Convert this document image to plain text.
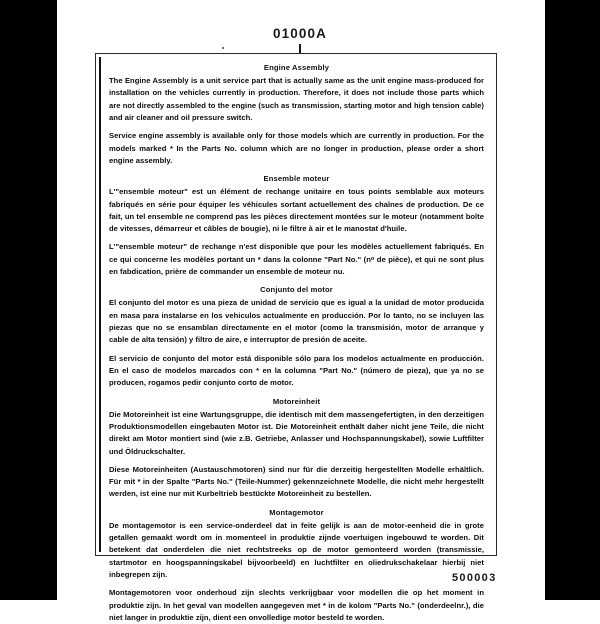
01000A
Engine Assembly

The Engine Assembly is a unit service part that is actually same as the unit engine mass-produced for installation on the vehicles currently in production. Therefore, it does not include those parts which are not directly assembled to the engine (such as transmission, starting motor and high tension cable) and air cleaner and oil pressure switch.

Service engine assembly is available only for those models which are currently in production. For the models marked * In the Parts No. column which are no longer in production, please order a short engine assembly.

Ensemble moteur

L'"ensemble moteur" est un élément de rechange unitaire en tous points semblable aux moteurs fabriqués en série pour équiper les véhicules sortant actuellement des chaînes de production. De ce fait, un tel ensemble ne comprend pas les pièces directement montées sur le moteur (notamment boîte de vitesses, démarreur et câbles de bougie), ni le filtre à air et le manostat d'huile.

L'"ensemble moteur" de rechange n'est disponible que pour les modèles actuellement fabriqués. En ce qui concerne les modèles portant un * dans la colonne "Part No." ($n^o$ de pièce), et qui ne sont plus en fabdication, prière de commander un ensemble de moteur nu.

Conjunto del motor

El conjunto del motor es una pieza de unidad de servicio que es igual a la unidad de motor producida en masa para instalarse en los vehiculos actualmente en producción. Por lo tanto, no se incluyen las piezas que no se ensamblan directamente en el motor (como la transmisión, motor de arranque y cable de alta tensión) y filtro de aire, e interruptor de presión de aceite.

El servicio de conjunto del motor está disponible sólo para los modelos actualmente en producción. En el caso de modelos marcados con * en la columna "Part No." (número de pieza), que ya no se producen, rogamos pedir conjunto corto de motor.

Motoreinheit

Die Motoreinheit ist eine Wartungsgruppe, die identisch mit dem massengefertigten, in den derzeitigen Produktionsmodellen eingebauten Motor ist. Die Motoreinheit enthält daher nicht jene Teile, die nicht direkt am Motor montiert sind (wie z.B. Getriebe, Anlasser und Hochspannungskabel), sowie Luftfilter und Öldruckschalter.

Diese Motoreinheiten (Austauschmotoren) sind nur für die derzeitig hergestellten Modelle erhältlich. Für mit * in der Spalte "Parts No." (Teile-Nummer) gekennzeichnete Modelle, die nicht mehr hergestellt werden, ist eine nur mit Kurbeltrieb bestückte Motoreinheit zu bestellen.

Montagemotor

De montagemotor is een service-onderdeel dat in feite gelijk is aan de motor-eenheid die in grote getallen gemaakt wordt om in momenteel in produktie zijnde voertuigen ingebouwd te worden. Dit betekent dat onderdelen die niet rechtstreeks op de motor gemonteerd worden (transmissie, startmotor en hoogspanningskabel bijvoorbeeld) en luchtfilter en oliedrukschakelaar hierbij niet inbegrepen zijn.

Montagemotoren voor onderhoud zijn slechts verkrijgbaar voor modellen die op het moment in produktie zijn. In het geval van modellen aangegeven met * in de kolom "Parts No." (onderdeelnr.), die niet langer in produktie zijn, dient een onvolledige motor besteld te worden.

500003
